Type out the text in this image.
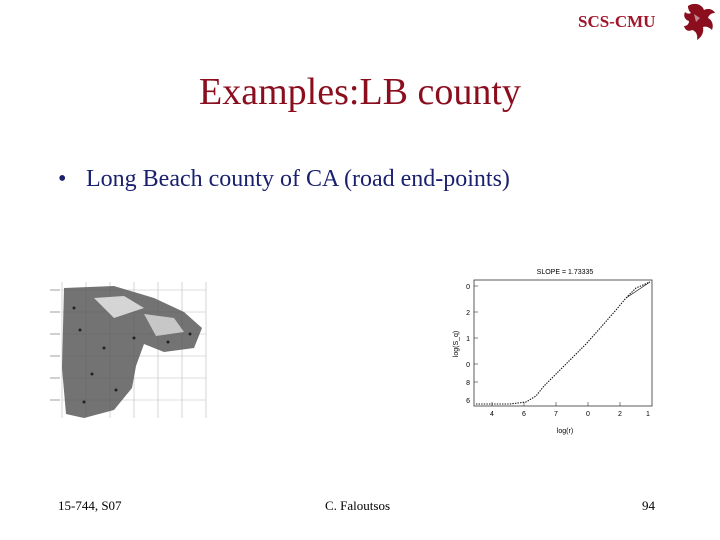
SCS-CMU
Examples:LB county
• Long Beach county of CA (road end-points)
SLOPE = 1.73335
log(S_q)
log(r)
0
2
1
0
8
6
4	6	7	0	2	1
15-744, S07	C. Faloutsos	94
